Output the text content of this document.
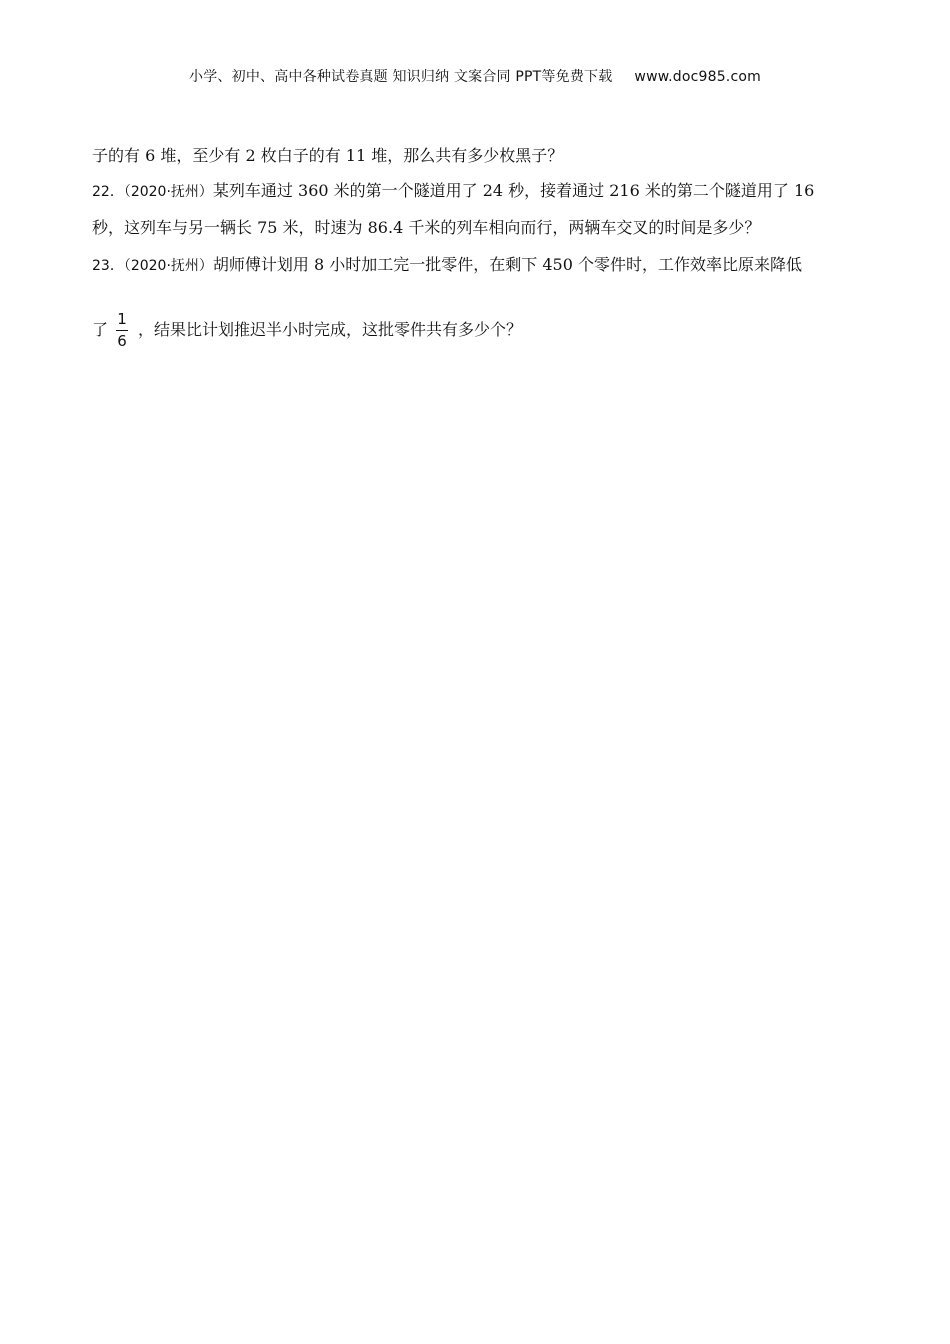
小学、初中、高中各种试卷真题 知识归纳 文案合同 PPT等免费下载 www.doc985.com
子的有 6 堆，至少有 2 枚白子的有 11 堆，那么共有多少枚黑子？
22．（2020·抚州）某列车通过 360 米的第一个隧道用了 24 秒，接着通过 216 米的第二个隧道用了 16
秒，这列车与另一辆长 75 米，时速为 86.4 千米的列车相向而行，两辆车交叉的时间是多少？
23．（2020·抚州）胡师傅计划用 8 小时加工完一批零件，在剩下 450 个零件时，工作效率比原来降低
了 $\frac{1}{6}$ ，结果比计划推迟半小时完成，这批零件共有多少个？
